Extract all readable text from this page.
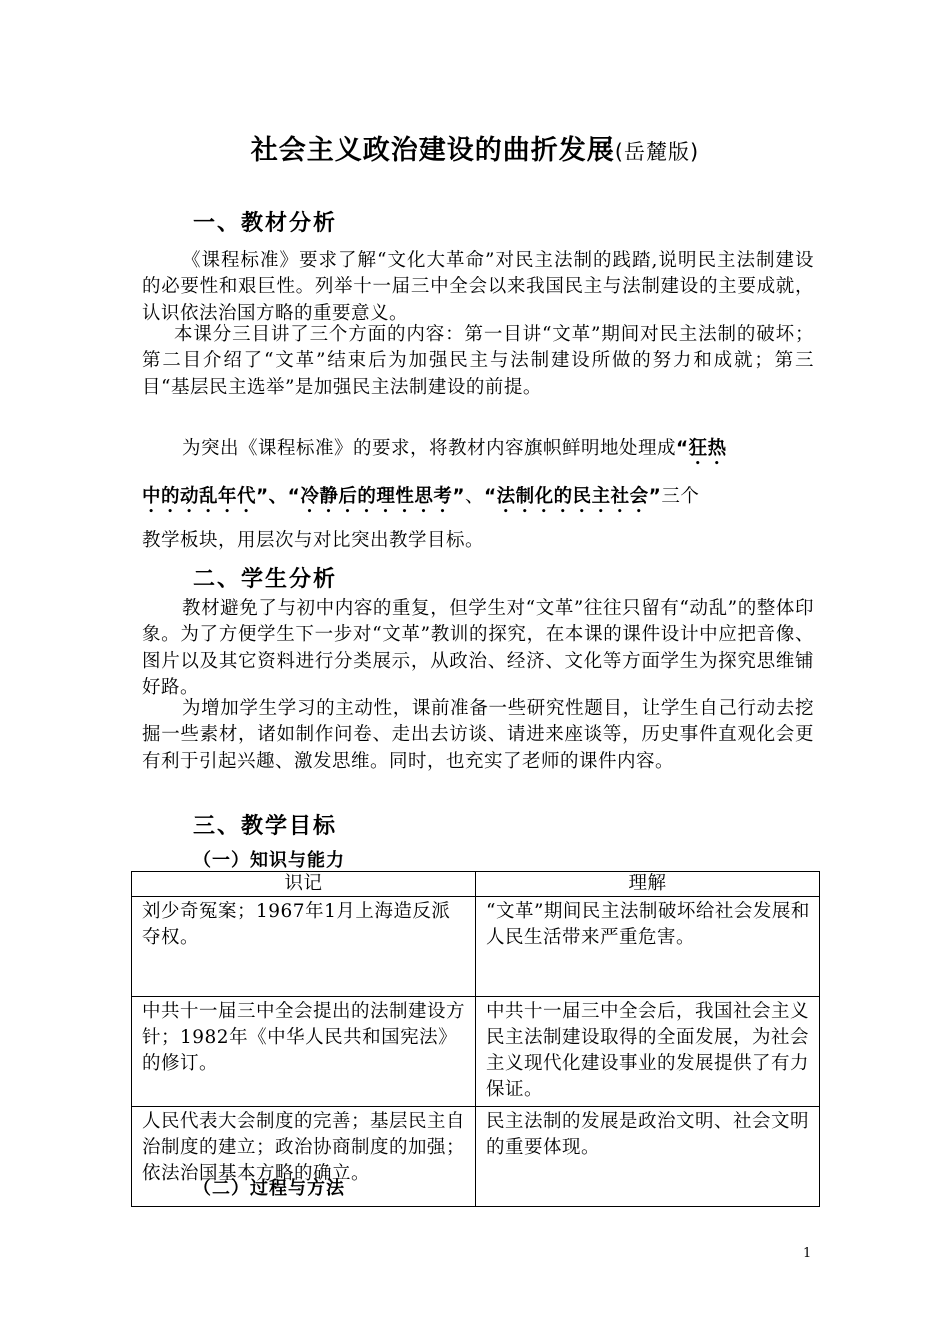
社会主义政治建设的曲折发展(岳麓版)
一、教材分析
《课程标准》要求了解“文化大革命”对民主法制的践踏,说明民主法制建设的必要性和艰巨性。列举十一届三中全会以来我国民主与法制建设的主要成就，认识依法治国方略的重要意义。
本课分三目讲了三个方面的内容：第一目讲“文革”期间对民主法制的破坏；第二目介绍了“文革”结束后为加强民主与法制建设所做的努力和成就；第三目“基层民主选举”是加强民主法制建设的前提。
为突出《课程标准》的要求，将教材内容旗帜鲜明地处理成“狂热
中的动乱年代”、“冷静后的理性思考”、“法制化的民主社会”三个
教学板块，用层次与对比突出教学目标。
二、学生分析
教材避免了与初中内容的重复，但学生对“文革”往往只留有“动乱”的整体印象。为了方便学生下一步对“文革”教训的探究，在本课的课件设计中应把音像、图片以及其它资料进行分类展示，从政治、经济、文化等方面学生为探究思维铺好路。
为增加学生学习的主动性，课前准备一些研究性题目，让学生自己行动去挖掘一些素材，诸如制作问卷、走出去访谈、请进来座谈等，历史事件直观化会更有利于引起兴趣、激发思维。同时，也充实了老师的课件内容。
三、教学目标
（一）知识与能力
识记	理解
刘少奇冤案；1967年1月上海造反派夺权。	“文革”期间民主法制破坏给社会发展和人民生活带来严重危害。
中共十一届三中全会提出的法制建设方针；1982年《中华人民共和国宪法》的修订。	中共十一届三中全会后，我国社会主义民主法制建设取得的全面发展，为社会主义现代化建设事业的发展提供了有力保证。
人民代表大会制度的完善；基层民主自治制度的建立；政治协商制度的加强；依法治国基本方略的确立。	民主法制的发展是政治文明、社会文明的重要体现。
（二）过程与方法
1
